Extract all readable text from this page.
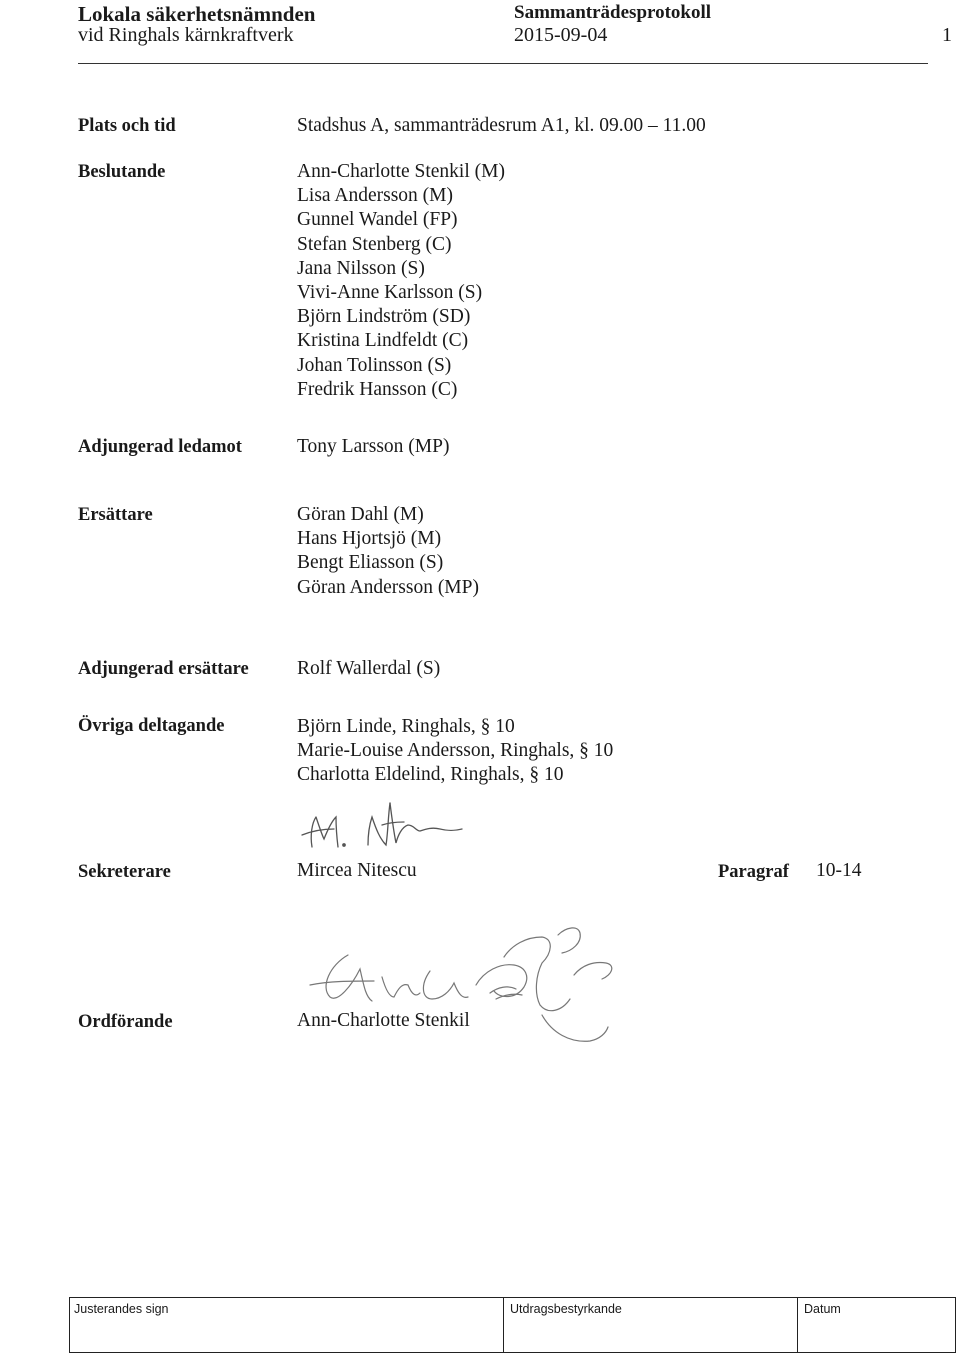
Lokala säkerhetsnämnden
vid Ringhals kärnkraftverk
Sammanträdesprotokoll
2015-09-04	1
Plats och tid	Stadshus A, sammanträdesrum A1, kl. 09.00 – 11.00
Beslutande	Ann-Charlotte Stenkil (M)
Lisa Andersson (M)
Gunnel Wandel (FP)
Stefan Stenberg (C)
Jana Nilsson (S)
Vivi-Anne Karlsson (S)
Björn Lindström (SD)
Kristina Lindfeldt (C)
Johan Tolinsson (S)
Fredrik Hansson (C)
Adjungerad ledamot	Tony Larsson (MP)
Ersättare	Göran Dahl (M)
Hans Hjortsjö (M)
Bengt Eliasson (S)
Göran Andersson (MP)
Adjungerad ersättare Rolf Wallerdal (S)
Övriga deltagande	Björn Linde, Ringhals, § 10
Marie-Louise Andersson, Ringhals, § 10
Charlotta Eldelind, Ringhals, § 10
Sekreterare	Mircea Nitescu	Paragraf 10-14
Ordförande	Ann-Charlotte Stenkil
Justerandes sign	Utdragsbestyrkande	Datum
